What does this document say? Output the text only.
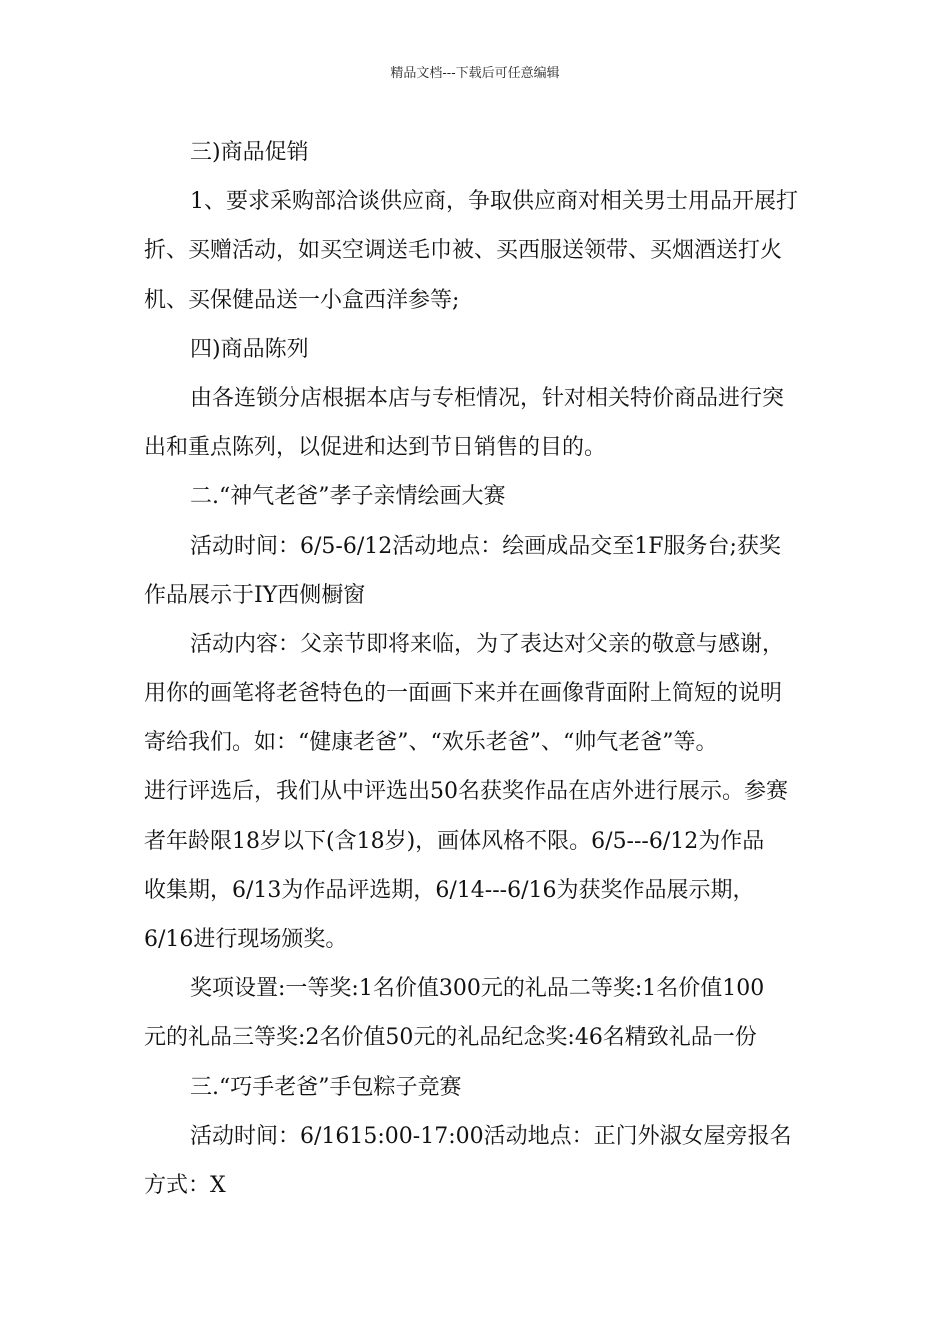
精品文档---下载后可任意编辑
三)商品促销
1、要求采购部洽谈供应商，争取供应商对相关男士用品开展打
折、买赠活动，如买空调送毛巾被、买西服送领带、买烟酒送打火
机、买保健品送一小盒西洋参等;
四)商品陈列
由各连锁分店根据本店与专柜情况，针对相关特价商品进行突
出和重点陈列，以促进和达到节日销售的目的。
二.“神气老爸”孝子亲情绘画大赛
活动时间：6/5-6/12活动地点：绘画成品交至1F服务台;获奖
作品展示于IY西侧橱窗
活动内容：父亲节即将来临，为了表达对父亲的敬意与感谢，
用你的画笔将老爸特色的一面画下来并在画像背面附上简短的说明
寄给我们。如：“健康老爸”、“欢乐老爸”、“帅气老爸”等。
进行评选后，我们从中评选出50名获奖作品在店外进行展示。参赛
者年龄限18岁以下(含18岁)，画体风格不限。6/5---6/12为作品
收集期，6/13为作品评选期，6/14---6/16为获奖作品展示期，
6/16进行现场颁奖。
奖项设置:一等奖:1名价值300元的礼品二等奖:1名价值100
元的礼品三等奖:2名价值50元的礼品纪念奖:46名精致礼品一份
三.“巧手老爸”手包粽子竞赛
活动时间：6/1615:00-17:00活动地点：正门外淑女屋旁报名
方式：X
